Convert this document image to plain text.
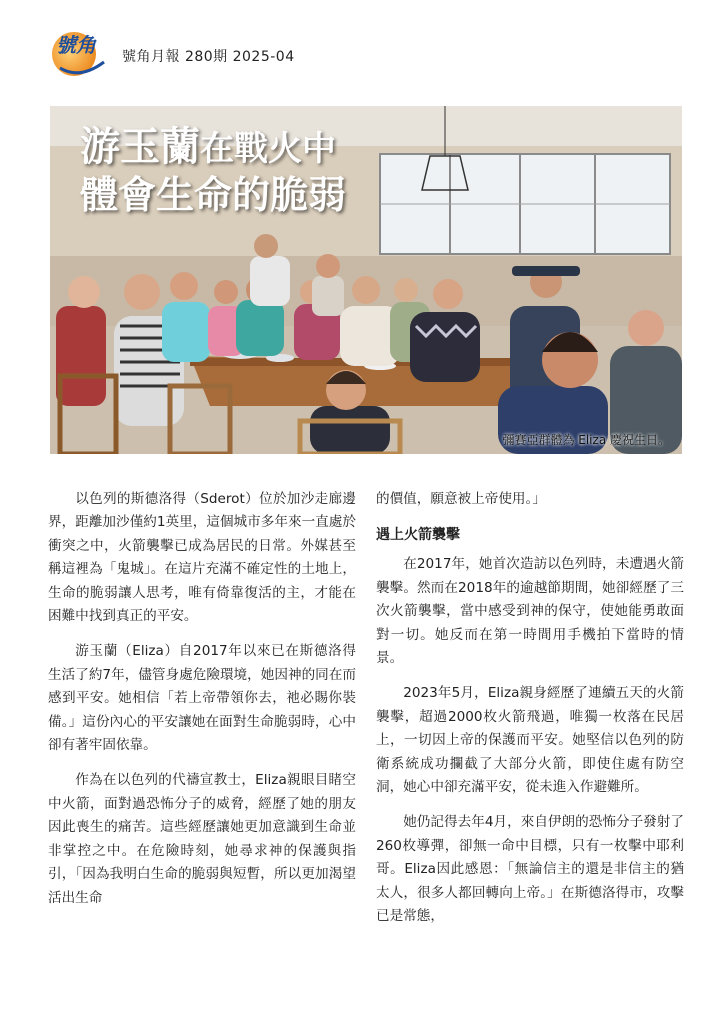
號角 號角月報 280期 2025-04
游玉蘭在戰火中
體會生命的脆弱
彌賽亞群體為 Eliza 慶祝生日。

以色列的斯德洛得（Sderot）位於加沙走廊邊界，距離加沙僅約1英里，這個城市多年來一直處於衝突之中，火箭襲擊已成為居民的日常。外媒甚至稱這裡為「鬼城」。在這片充滿不確定性的土地上，生命的脆弱讓人思考，唯有倚靠復活的主，才能在困難中找到真正的平安。

游玉蘭（Eliza）自2017年以來已在斯德洛得生活了約7年，儘管身處危險環境，她因神的同在而感到平安。她相信「若上帝帶領你去，祂必賜你裝備。」這份內心的平安讓她在面對生命脆弱時，心中卻有著牢固依靠。

作為在以色列的代禱宣教士，Eliza親眼目睹空中火箭，面對過恐怖分子的威脅，經歷了她的朋友因此喪生的痛苦。這些經歷讓她更加意識到生命並非掌控之中。在危險時刻，她尋求神的保護與指引，「因為我明白生命的脆弱與短暫，所以更加渴望活出生命

的價值，願意被上帝使用。」

遇上火箭襲擊

在2017年，她首次造訪以色列時，未遭遇火箭襲擊。然而在2018年的逾越節期間，她卻經歷了三次火箭襲擊，當中感受到神的保守，使她能勇敢面對一切。她反而在第一時間用手機拍下當時的情景。

2023年5月，Eliza親身經歷了連續五天的火箭襲擊，超過2000枚火箭飛過，唯獨一枚落在民居上，一切因上帝的保護而平安。她堅信以色列的防衛系統成功攔截了大部分火箭，即使住處有防空洞，她心中卻充滿平安，從未進入作避難所。

她仍記得去年4月，來自伊朗的恐怖分子發射了260枚導彈，卻無一命中目標，只有一枚擊中耶利哥。Eliza因此感恩：「無論信主的還是非信主的猶太人，很多人都回轉向上帝。」在斯德洛得市，攻擊已是常態，
